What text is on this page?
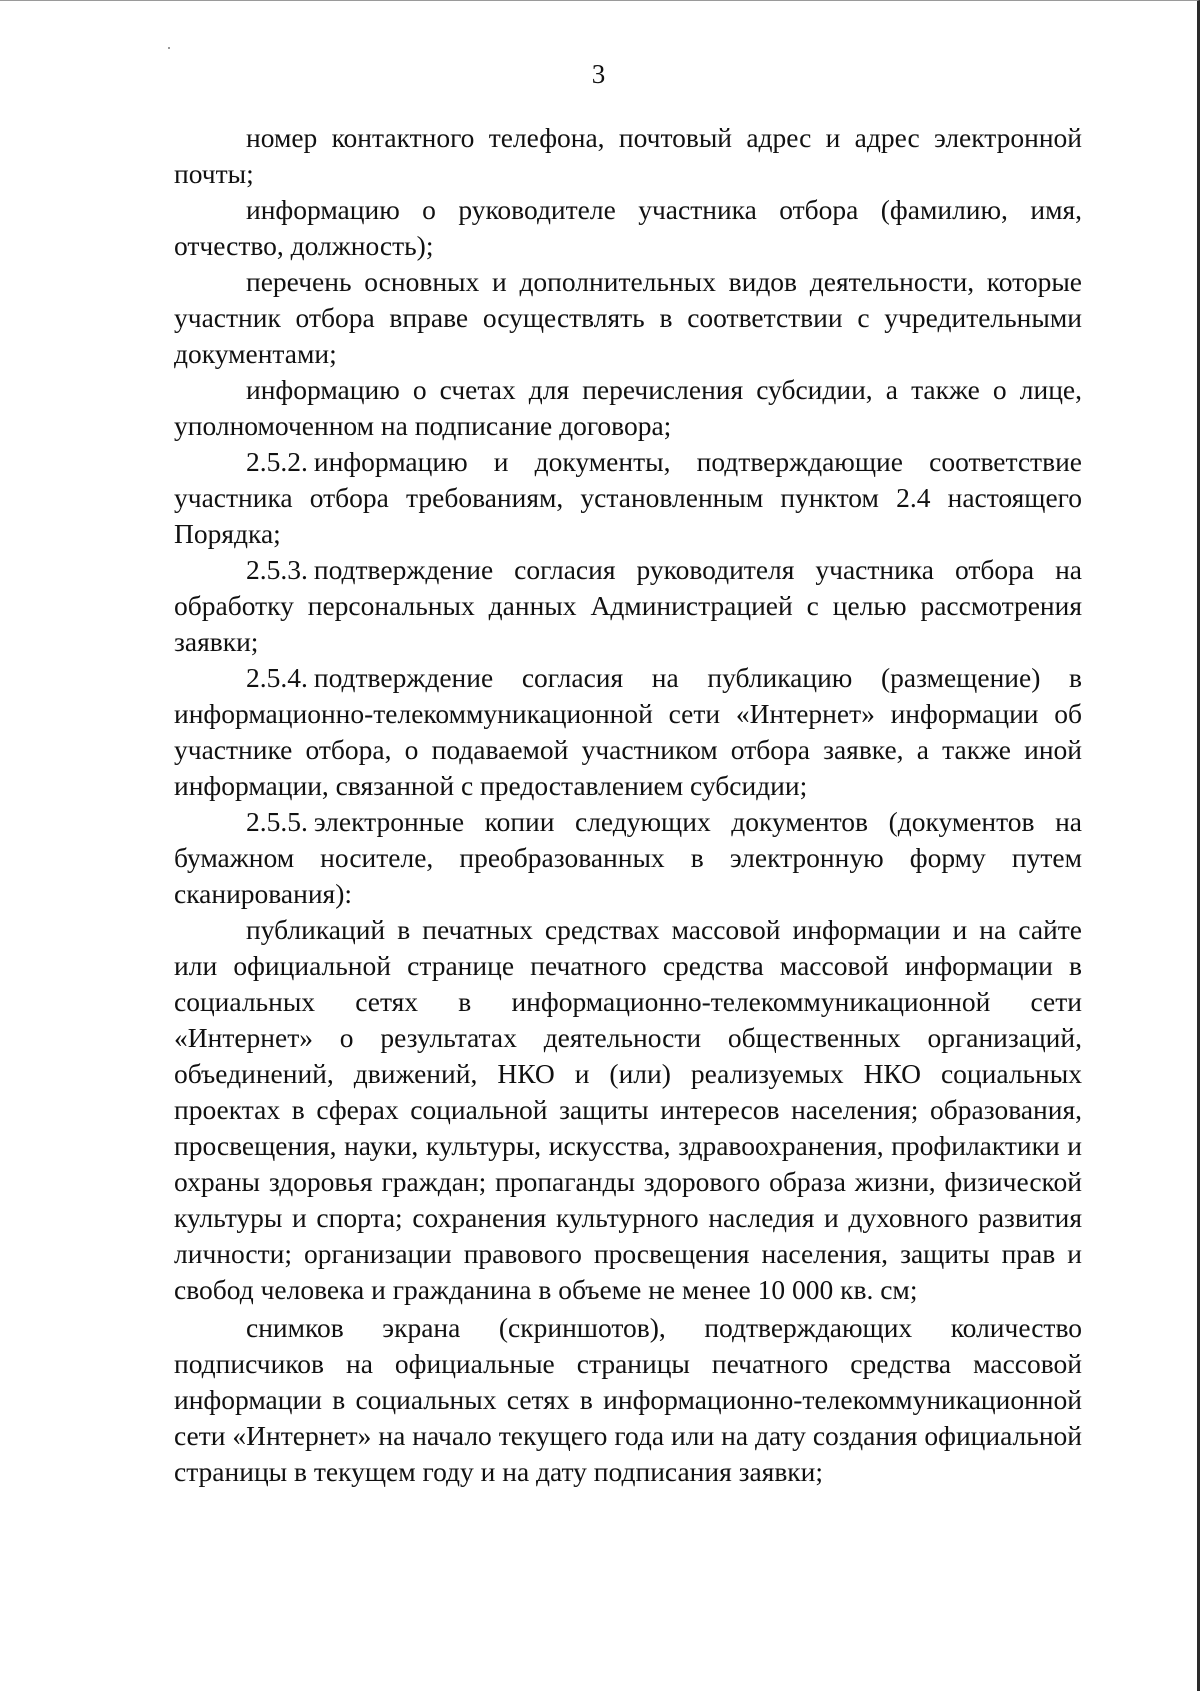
3

номер контактного телефона, почтовый адрес и адрес электронной почты;

информацию о руководителе участника отбора (фамилию, имя, отчество, должность);

перечень основных и дополнительных видов деятельности, которые участник отбора вправе осуществлять в соответствии с учредительными документами;

информацию о счетах для перечисления субсидии, а также о лице, уполномоченном на подписание договора;

2.5.2. информацию и документы, подтверждающие соответствие участника отбора требованиям, установленным пунктом 2.4 настоящего Порядка;

2.5.3. подтверждение согласия руководителя участника отбора на обработку персональных данных Администрацией с целью рассмотрения заявки;

2.5.4. подтверждение согласия на публикацию (размещение) в информационно-телекоммуникационной сети «Интернет» информации об участнике отбора, о подаваемой участником отбора заявке, а также иной информации, связанной с предоставлением субсидии;

2.5.5. электронные копии следующих документов (документов на бумажном носителе, преобразованных в электронную форму путем сканирования):

публикаций в печатных средствах массовой информации и на сайте или официальной странице печатного средства массовой информации в социальных сетях в информационно-телекоммуникационной сети «Интернет» о результатах деятельности общественных организаций, объединений, движений, НКО и (или) реализуемых НКО социальных проектах в сферах социальной защиты интересов населения; образования, просвещения, науки, культуры, искусства, здравоохранения, профилактики и охраны здоровья граждан; пропаганды здорового образа жизни, физической культуры и спорта; сохранения культурного наследия и духовного развития личности; организации правового просвещения населения, защиты прав и свобод человека и гражданина в объеме не менее 10 000 кв. см;

снимков экрана (скриншотов), подтверждающих количество подписчиков на официальные страницы печатного средства массовой информации в социальных сетях в информационно-телекоммуникационной сети «Интернет» на начало текущего года или на дату создания официальной страницы в текущем году и на дату подписания заявки;
